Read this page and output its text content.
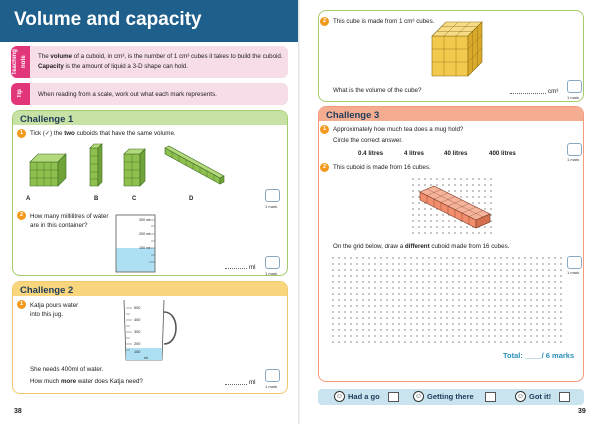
Volume and capacity
Teaching note	The volume of a cuboid, in cm³, is the number of 1 cm³ cubes it takes to build the cuboid.
Capacity is the amount of liquid a 3-D shape can hold.
Tip	When reading from a scale, work out what each mark represents.
Challenge 1
1	Tick (✓) the two cuboids that have the same volume.
A	B	C	D
1 mark
2	How many millilitres of water
are in this container?
300 ml
200 ml
100 ml
ml
1 mark
Challenge 2
1	Katja pours water
into this jug.
500
400
300
200
100
ml
She needs 400ml of water.
How much more water does Katja need?	ml
1 mark
38
2	This cube is made from 1 cm³ cubes.
What is the volume of the cube?	cm³
1 mark
Challenge 3
1	Approximately how much tea does a mug hold?
Circle the correct answer.
0.4 litres	4 litres	40 litres	400 litres
1 mark
2	This cuboid is made from 16 cubes.
On the grid below, draw a different cuboid made from 16 cubes.
1 mark
Total: ____/ 6 marks
☺ Had a go	☺ Getting there	☺ Got it!
39
